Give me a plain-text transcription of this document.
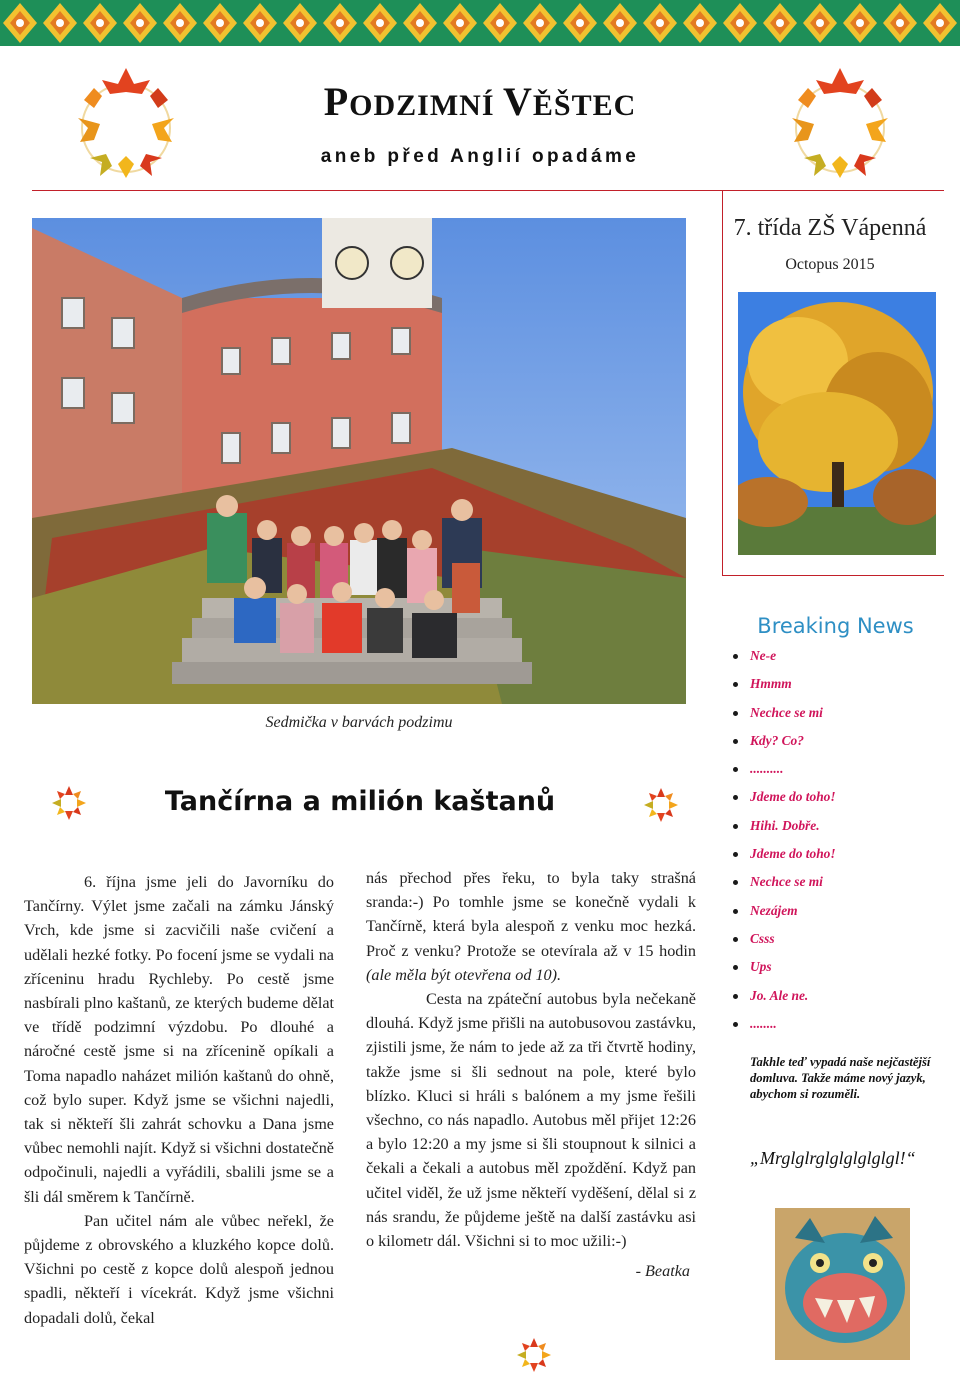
PODZIMNÍ VĚŠTEC
aneb před Anglií opadáme
7. třída ZŠ Vápenná
Octopus 2015
Sedmička v barvách podzimu
Tančírna a milión kaštanů

6. října jsme jeli do Javorníku do Tančírny. Výlet jsme začali na zámku Jánský Vrch, kde jsme si zacvičili naše cvičení a udělali hezké fotky. Po focení jsme se vydali na zříceninu hradu Rychleby. Po cestě jsme nasbírali plno kaštanů, ze kterých budeme dělat ve třídě podzimní výzdobu. Po dlouhé a náročné cestě jsme si na zřícenině opíkali a Toma napadlo naházet milión kaštanů do ohně, což bylo super. Když jsme se všichni najedli, tak si někteří šli zahrát schovku a Dana jsme vůbec nemohli najít. Když si všichni dostatečně odpočinuli, najedli a vyřádili, sbalili jsme se a šli dál směrem k Tančírně.

Pan učitel nám ale vůbec neřekl, že půjdeme z obrovského a kluzkého kopce dolů. Všichni po cestě z kopce dolů alespoň jednou spadli, někteří i vícekrát. Když jsme všichni dopadali dolů, čekal

nás přechod přes řeku, to byla taky strašná sranda:-) Po tomhle jsme se konečně vydali k Tančírně, která byla alespoň z venku moc hezká. Proč z venku? Protože se otevírala až v 15 hodin (ale měla být otevřena od 10).

Cesta na zpáteční autobus byla nečekaně dlouhá. Když jsme přišli na autobusovou zastávku, zjistili jsme, že nám to jede až za tři čtvrtě hodiny, takže jsme si šli sednout na pole, které bylo blízko. Kluci si hráli s balónem a my jsme řešili všechno, co nás napadlo. Autobus měl přijet 12:26 a bylo 12:20 a my jsme si šli stoupnout k silnici a čekali a čekali a autobus měl zpoždění. Když pan učitel viděl, že už jsme někteří vyděšení, dělal si z nás srandu, že půjdeme ještě na další zastávku asi o kilometr dál. Všichni si to moc užili:-)

- Beatka

Breaking News
Ne-e
Hmmm
Nechce se mi
Kdy? Co?
..........
Jdeme do toho!
Hihi. Dobře.
Jdeme do toho!
Nechce se mi
Nezájem
Csss
Ups
Jo. Ale ne.
........
Takhle teď vypadá naše nejčastější domluva. Takže máme nový jazyk, abychom si rozuměli.
„Mrglglrglglglglglgl!“
